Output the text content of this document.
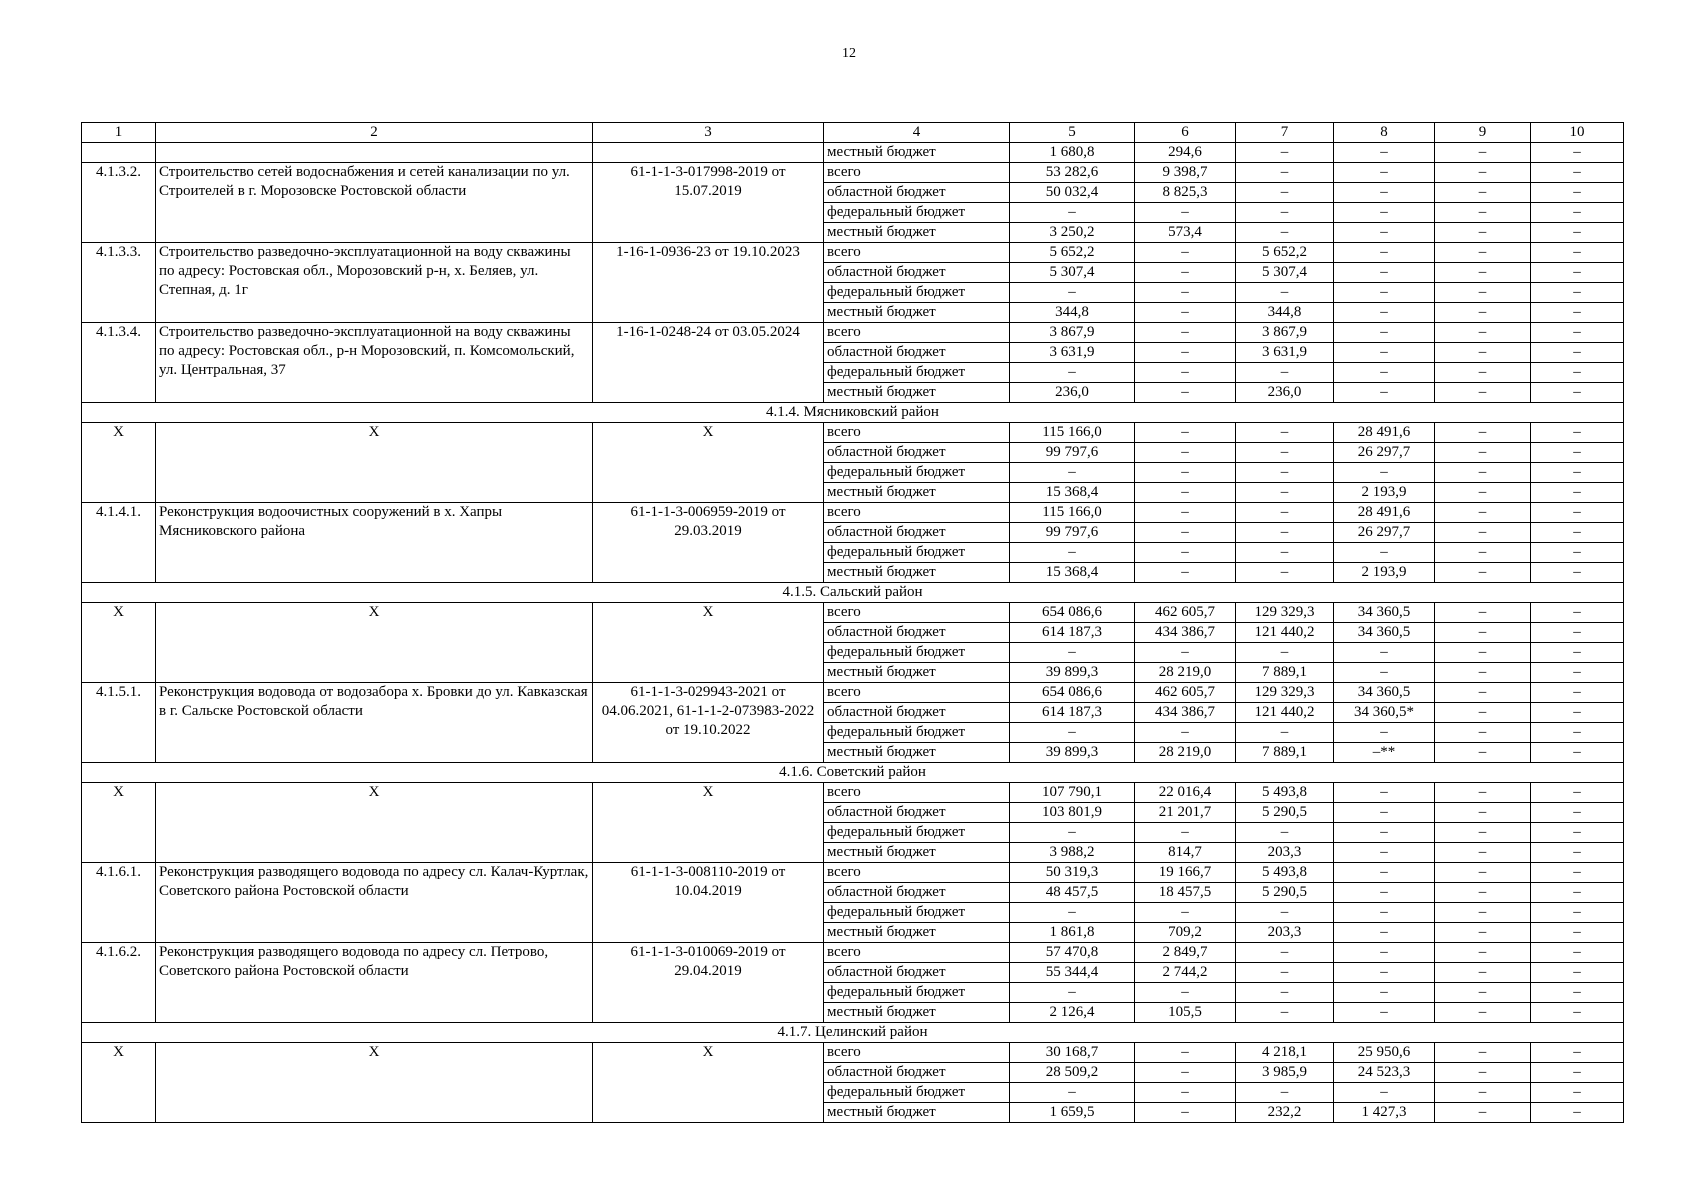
12
1	2	3	4	5	6	7	8	9	10
			местный бюджет	1 680,8	294,6	–	–	–	–
4.1.3.2.	Строительство сетей водоснабжения и сетей канализации по ул. Строителей в г. Морозовске Ростовской области	61-1-1-3-017998-2019 от 15.07.2019	всего	53 282,6	9 398,7	–	–	–	–
			областной бюджет	50 032,4	8 825,3	–	–	–	–
			федеральный бюджет	–	–	–	–	–	–
			местный бюджет	3 250,2	573,4	–	–	–	–
4.1.3.3.	Строительство разведочно-эксплуатационной на воду скважины по адресу: Ростовская обл., Морозовский р-н, х. Беляев, ул. Степная, д. 1г	1-16-1-0936-23 от 19.10.2023	всего	5 652,2	–	5 652,2	–	–	–
			областной бюджет	5 307,4	–	5 307,4	–	–	–
			федеральный бюджет	–	–	–	–	–	–
			местный бюджет	344,8	–	344,8	–	–	–
4.1.3.4.	Строительство разведочно-эксплуатационной на воду скважины по адресу: Ростовская обл., р-н Морозовский, п. Комсомольский, ул. Центральная, 37	1-16-1-0248-24 от 03.05.2024	всего	3 867,9	–	3 867,9	–	–	–
			областной бюджет	3 631,9	–	3 631,9	–	–	–
			федеральный бюджет	–	–	–	–	–	–
			местный бюджет	236,0	–	236,0	–	–	–
4.1.4. Мясниковский район									
Х	Х	Х	всего	115 166,0	–	–	28 491,6	–	–
			областной бюджет	99 797,6	–	–	26 297,7	–	–
			федеральный бюджет	–	–	–	–	–	–
			местный бюджет	15 368,4	–	–	2 193,9	–	–
4.1.4.1.	Реконструкция водоочистных сооружений в х. Хапры Мясниковского района	61-1-1-3-006959-2019 от 29.03.2019	всего	115 166,0	–	–	28 491,6	–	–
			областной бюджет	99 797,6	–	–	26 297,7	–	–
			федеральный бюджет	–	–	–	–	–	–
			местный бюджет	15 368,4	–	–	2 193,9	–	–
4.1.5. Сальский район									
Х	Х	Х	всего	654 086,6	462 605,7	129 329,3	34 360,5	–	–
			областной бюджет	614 187,3	434 386,7	121 440,2	34 360,5	–	–
			федеральный бюджет	–	–	–	–	–	–
			местный бюджет	39 899,3	28 219,0	7 889,1	–	–	–
4.1.5.1.	Реконструкция водовода от водозабора х. Бровки до ул. Кавказская в г. Сальске Ростовской области	61-1-1-3-029943-2021 от 04.06.2021, 61-1-1-2-073983-2022 от 19.10.2022	всего	654 086,6	462 605,7	129 329,3	34 360,5	–	–
			областной бюджет	614 187,3	434 386,7	121 440,2	34 360,5*	–	–
			федеральный бюджет	–	–	–	–	–	–
			местный бюджет	39 899,3	28 219,0	7 889,1	–**	–	–
4.1.6. Советский район									
Х	Х	Х	всего	107 790,1	22 016,4	5 493,8	–	–	–
			областной бюджет	103 801,9	21 201,7	5 290,5	–	–	–
			федеральный бюджет	–	–	–	–	–	–
			местный бюджет	3 988,2	814,7	203,3	–	–	–
4.1.6.1.	Реконструкция разводящего водовода по адресу сл. Калач-Куртлак, Советского района Ростовской области	61-1-1-3-008110-2019 от 10.04.2019	всего	50 319,3	19 166,7	5 493,8	–	–	–
			областной бюджет	48 457,5	18 457,5	5 290,5	–	–	–
			федеральный бюджет	–	–	–	–	–	–
			местный бюджет	1 861,8	709,2	203,3	–	–	–
4.1.6.2.	Реконструкция разводящего водовода по адресу сл. Петрово, Советского района Ростовской области	61-1-1-3-010069-2019 от 29.04.2019	всего	57 470,8	2 849,7	–	–	–	–
			областной бюджет	55 344,4	2 744,2	–	–	–	–
			федеральный бюджет	–	–	–	–	–	–
			местный бюджет	2 126,4	105,5	–	–	–	–
4.1.7. Целинский район									
Х	Х	Х	всего	30 168,7	–	4 218,1	25 950,6	–	–
			областной бюджет	28 509,2	–	3 985,9	24 523,3	–	–
			федеральный бюджет	–	–	–	–	–	–
			местный бюджет	1 659,5	–	232,2	1 427,3	–	–
